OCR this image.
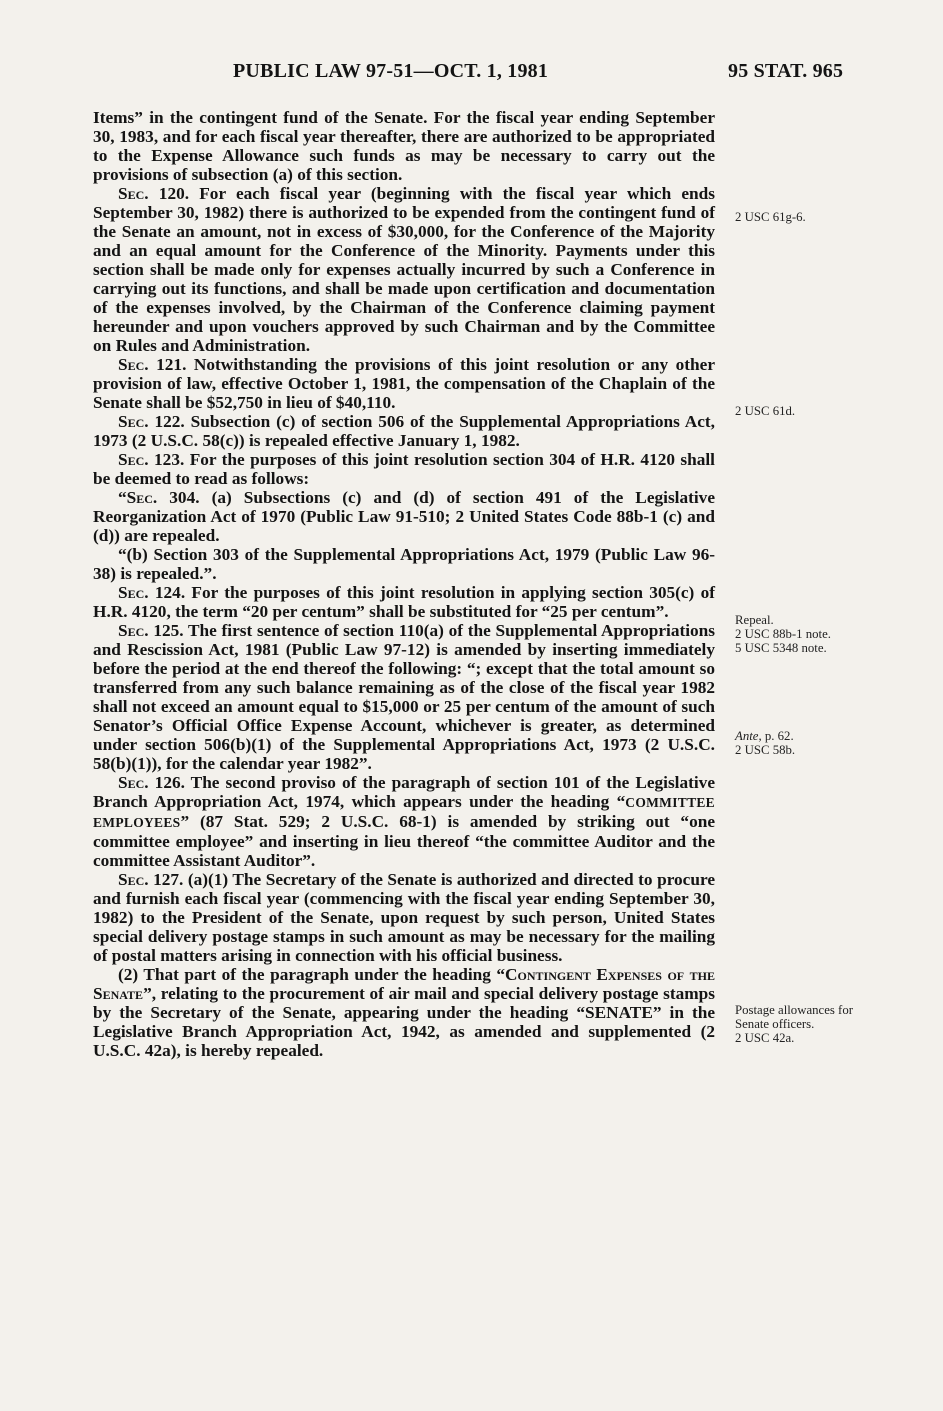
PUBLIC LAW 97-51—OCT. 1, 1981	95 STAT. 965

Items” in the contingent fund of the Senate. For the fiscal year ending September 30, 1983, and for each fiscal year thereafter, there are authorized to be appropriated to the Expense Allowance such funds as may be necessary to carry out the provisions of subsection (a) of this section.

Sec. 120. For each fiscal year (beginning with the fiscal year which ends September 30, 1982) there is authorized to be expended from the contingent fund of the Senate an amount, not in excess of $30,000, for the Conference of the Majority and an equal amount for the Conference of the Minority. Payments under this section shall be made only for expenses actually incurred by such a Conference in carrying out its functions, and shall be made upon certification and documentation of the expenses involved, by the Chairman of the Conference claiming payment hereunder and upon vouchers approved by such Chairman and by the Committee on Rules and Administration.

Sec. 121. Notwithstanding the provisions of this joint resolution or any other provision of law, effective October 1, 1981, the compensation of the Chaplain of the Senate shall be $52,750 in lieu of $40,110.

Sec. 122. Subsection (c) of section 506 of the Supplemental Appropriations Act, 1973 (2 U.S.C. 58(c)) is repealed effective January 1, 1982.

Sec. 123. For the purposes of this joint resolution section 304 of H.R. 4120 shall be deemed to read as follows:

“Sec. 304. (a) Subsections (c) and (d) of section 491 of the Legislative Reorganization Act of 1970 (Public Law 91-510; 2 United States Code 88b-1 (c) and (d)) are repealed.

“(b) Section 303 of the Supplemental Appropriations Act, 1979 (Public Law 96-38) is repealed.”.

Sec. 124. For the purposes of this joint resolution in applying section 305(c) of H.R. 4120, the term “20 per centum” shall be substituted for “25 per centum”.

Sec. 125. The first sentence of section 110(a) of the Supplemental Appropriations and Rescission Act, 1981 (Public Law 97-12) is amended by inserting immediately before the period at the end thereof the following: “; except that the total amount so transferred from any such balance remaining as of the close of the fiscal year 1982 shall not exceed an amount equal to $15,000 or 25 per centum of the amount of such Senator’s Official Office Expense Account, whichever is greater, as determined under section 506(b)(1) of the Supplemental Appropriations Act, 1973 (2 U.S.C. 58(b)(1)), for the calendar year 1982”.

Sec. 126. The second proviso of the paragraph of section 101 of the Legislative Branch Appropriation Act, 1974, which appears under the heading “COMMITTEE EMPLOYEES” (87 Stat. 529; 2 U.S.C. 68-1) is amended by striking out “one committee employee” and inserting in lieu thereof “the committee Auditor and the committee Assistant Auditor”.

Sec. 127. (a)(1) The Secretary of the Senate is authorized and directed to procure and furnish each fiscal year (commencing with the fiscal year ending September 30, 1982) to the President of the Senate, upon request by such person, United States special delivery postage stamps in such amount as may be necessary for the mailing of postal matters arising in connection with his official business.

(2) That part of the paragraph under the heading “Contingent Expenses of the Senate”, relating to the procurement of air mail and special delivery postage stamps by the Secretary of the Senate, appearing under the heading “SENATE” in the Legislative Branch Appropriation Act, 1942, as amended and supplemented (2 U.S.C. 42a), is hereby repealed.

2 USC 61g-6.
2 USC 61d.
Repeal.
2 USC 88b-1 note.
5 USC 5348 note.
Ante, p. 62.
2 USC 58b.
Postage allowances for Senate officers.
2 USC 42a.
